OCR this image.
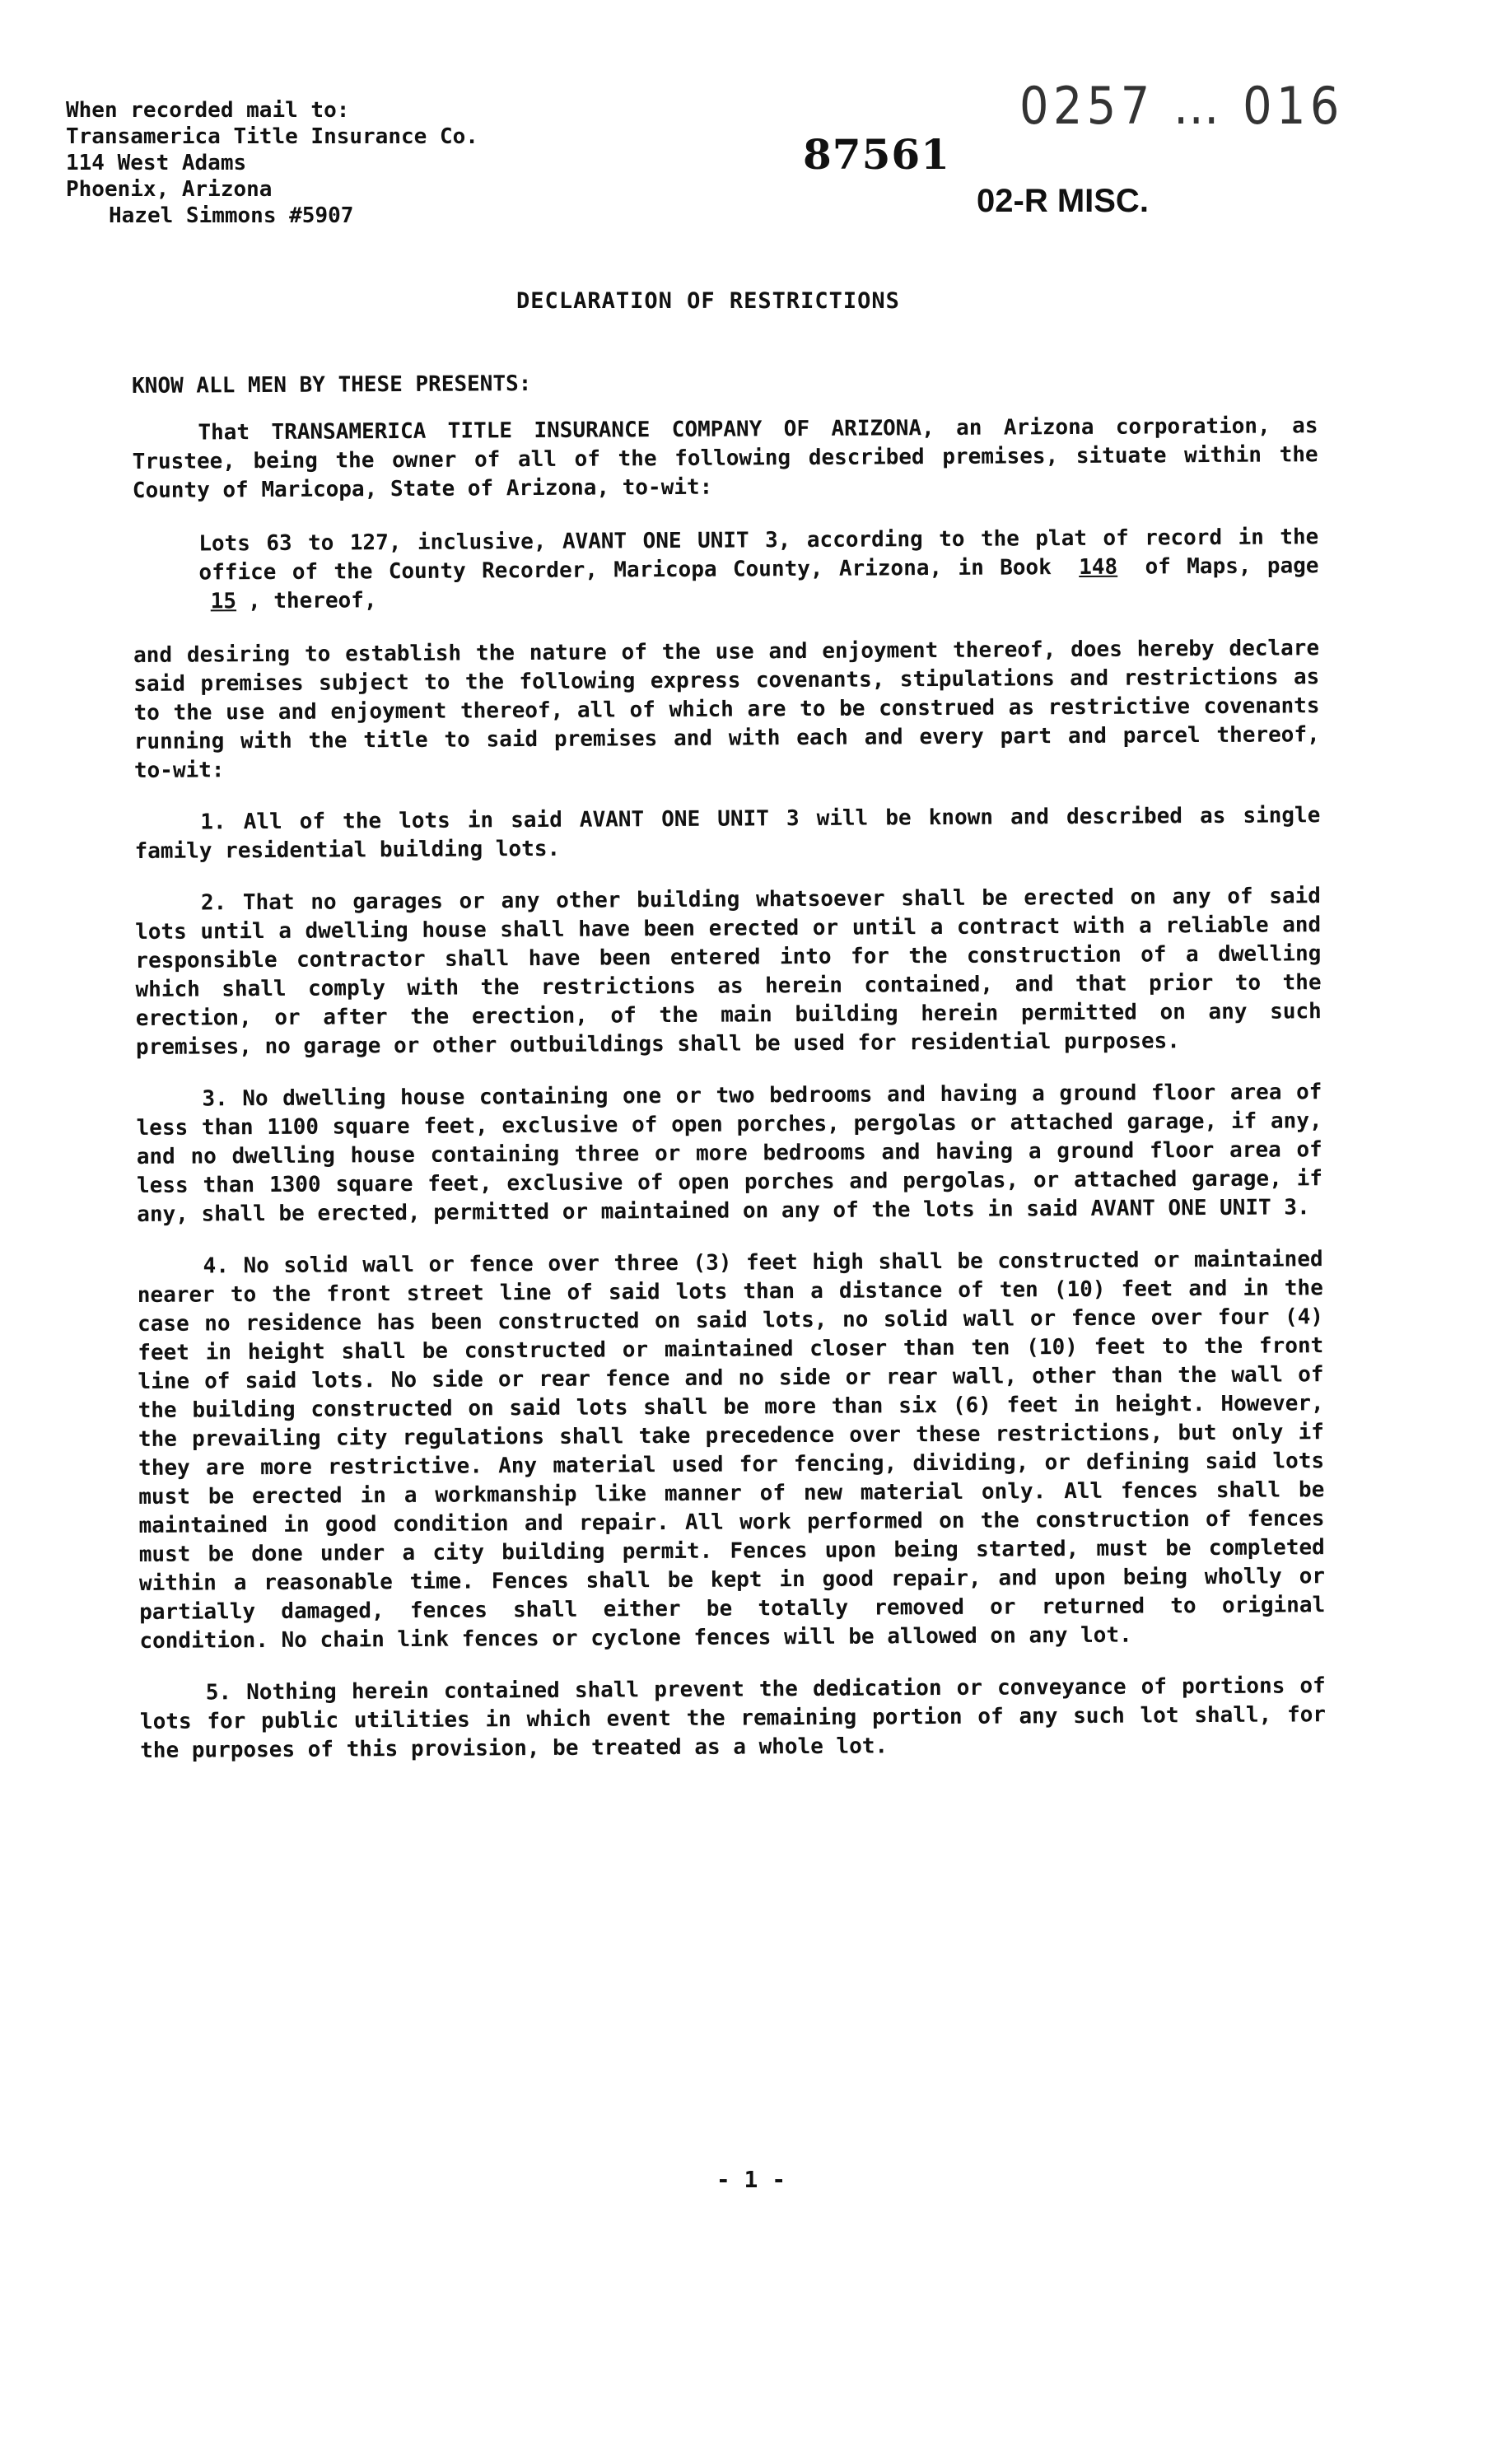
When recorded mail to:
Transamerica Title Insurance Co.
114 West Adams
Phoenix, Arizona
Hazel Simmons #5907
87561
0257 … 016
02-R MISC.
DECLARATION OF RESTRICTIONS

KNOW ALL MEN BY THESE PRESENTS:

That TRANSAMERICA TITLE INSURANCE COMPANY OF ARIZONA, an Arizona corporation, as Trustee, being the owner of all of the following described premises, situate within the County of Maricopa, State of Arizona, to-wit:

Lots 63 to 127, inclusive, AVANT ONE UNIT 3, according to the plat of record in the office of the County Recorder, Maricopa County, Arizona, in Book 148 of Maps, page 15 , thereof,

and desiring to establish the nature of the use and enjoyment thereof, does hereby declare said premises subject to the following express covenants, stipulations and restrictions as to the use and enjoyment thereof, all of which are to be construed as restrictive covenants running with the title to said premises and with each and every part and parcel thereof, to-wit:

1. All of the lots in said AVANT ONE UNIT 3 will be known and described as single family residential building lots.

2. That no garages or any other building whatsoever shall be erected on any of said lots until a dwelling house shall have been erected or until a contract with a reliable and responsible contractor shall have been entered into for the construction of a dwelling which shall comply with the restrictions as herein contained, and that prior to the erection, or after the erection, of the main building herein permitted on any such premises, no garage or other outbuildings shall be used for residential purposes.

3. No dwelling house containing one or two bedrooms and having a ground floor area of less than 1100 square feet, exclusive of open porches, pergolas or attached garage, if any, and no dwelling house containing three or more bedrooms and having a ground floor area of less than 1300 square feet, exclusive of open porches and pergolas, or attached garage, if any, shall be erected, permitted or maintained on any of the lots in said AVANT ONE UNIT 3.

4. No solid wall or fence over three (3) feet high shall be constructed or maintained nearer to the front street line of said lots than a distance of ten (10) feet and in the case no residence has been constructed on said lots, no solid wall or fence over four (4) feet in height shall be constructed or maintained closer than ten (10) feet to the front line of said lots. No side or rear fence and no side or rear wall, other than the wall of the building constructed on said lots shall be more than six (6) feet in height. However, the prevailing city regulations shall take precedence over these restrictions, but only if they are more restrictive. Any material used for fencing, dividing, or defining said lots must be erected in a workmanship like manner of new material only. All fences shall be maintained in good condition and repair. All work performed on the construction of fences must be done under a city building permit. Fences upon being started, must be completed within a reasonable time. Fences shall be kept in good repair, and upon being wholly or partially damaged, fences shall either be totally removed or returned to original condition. No chain link fences or cyclone fences will be allowed on any lot.

5. Nothing herein contained shall prevent the dedication or conveyance of portions of lots for public utilities in which event the remaining portion of any such lot shall, for the purposes of this provision, be treated as a whole lot.

- 1 -
